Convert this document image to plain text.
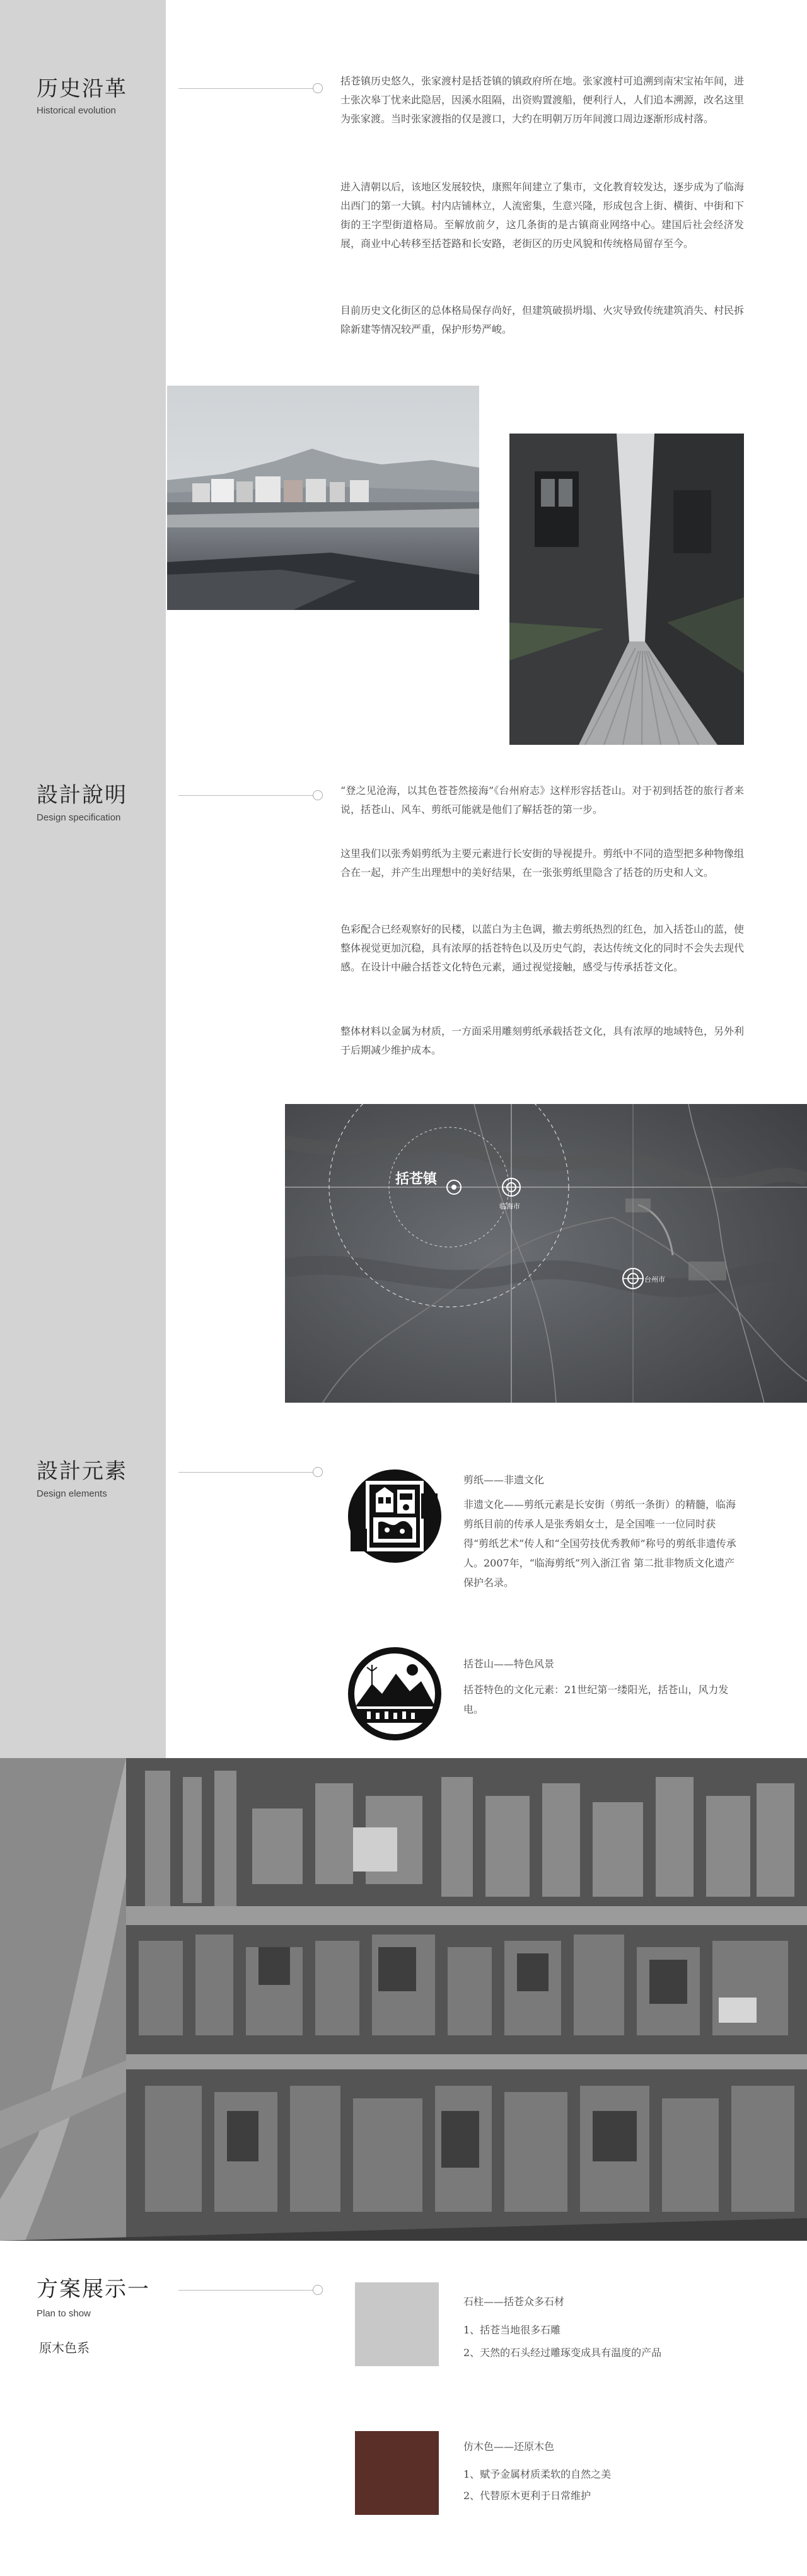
历史沿革
Historical evolution

括苍镇历史悠久，张家渡村是括苍镇的镇政府所在地。张家渡村可追溯到南宋宝祐年间，进士张次皋丁忧来此隐居，因溪水阻隔，出资购置渡船，便利行人，人们追本溯源，改名这里为张家渡。当时张家渡指的仅是渡口，大约在明朝万历年间渡口周边逐渐形成村落。

进入清朝以后，该地区发展较快，康熙年间建立了集市，文化教育较发达，逐步成为了临海出西门的第一大镇。村内店铺林立，人流密集，生意兴隆，形成包含上街、横街、中街和下街的王字型街道格局。至解放前夕，这几条街的是古镇商业网络中心。建国后社会经济发展，商业中心转移至括苍路和长安路，老街区的历史风貌和传统格局留存至今。

目前历史文化街区的总体格局保存尚好，但建筑破损坍塌、火灾导致传统建筑消失、村民拆除新建等情况较严重，保护形势严峻。

設計說明
Design specification

“登之见沧海，以其色苍苍然接海”《台州府志》这样形容括苍山。对于初到括苍的旅行者来说，括苍山、风车、剪纸可能就是他们了解括苍的第一步。

这里我们以张秀娟剪纸为主要元素进行长安街的导视提升。剪纸中不同的造型把多种物像组合在一起，并产生出理想中的美好结果，在一张张剪纸里隐含了括苍的历史和人文。

色彩配合已经观察好的民楼，以蓝白为主色调，撤去剪纸热烈的红色，加入括苍山的蓝，使整体视觉更加沉稳，具有浓厚的括苍特色以及历史气韵，表达传统文化的同时不会失去现代感。在设计中融合括苍文化特色元素，通过视觉接触，感受与传承括苍文化。

整体材料以金属为材质，一方面采用雕刻剪纸承载括苍文化，具有浓厚的地域特色，另外利于后期减少维护成本。

括苍镇
临海市
台州市
設計元素
Design elements
剪纸——非遗文化

非遗文化——剪纸元素是长安街（剪纸一条街）的精髓，临海剪纸目前的传承人是张秀娟女士，是全国唯一一位同时获得“剪纸艺术”传人和“全国劳技优秀教师”称号的剪纸非遗传承人。2007年，“临海剪纸”列入浙江省 第二批非物质文化遗产保护名录。

括苍山——特色风景

括苍特色的文化元素：21世纪第一缕阳光，括苍山，风力发电。

方案展示一
Plan to show
原木色系
石柱——括苍众多石材
1、括苍当地很多石雕
2、天然的石头经过雕琢变成具有温度的产品
仿木色——还原木色
1、赋予金属材质柔软的自然之美
2、代替原木更利于日常维护
